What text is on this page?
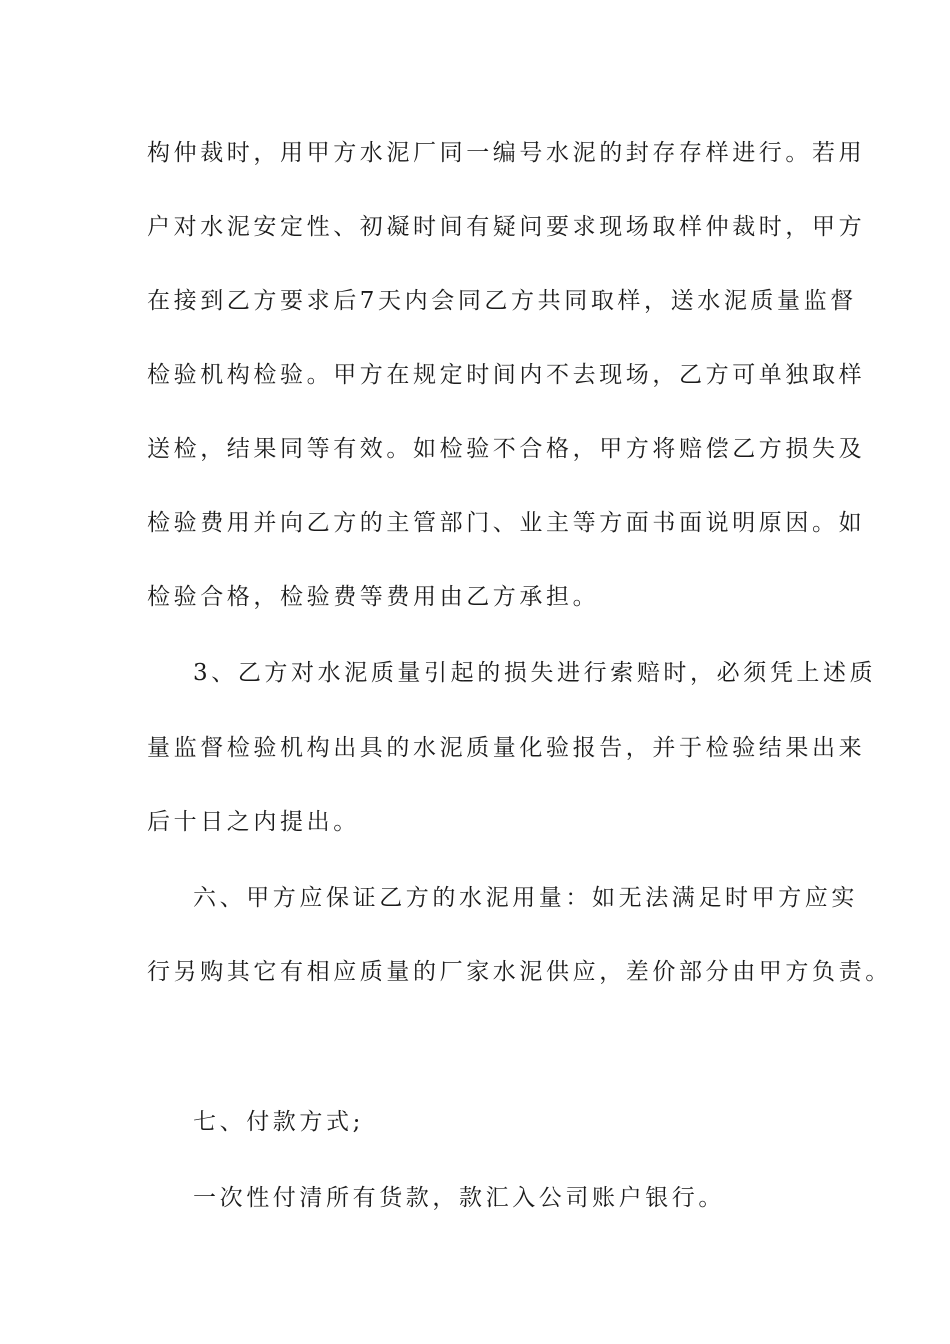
构仲裁时，用甲方水泥厂同一编号水泥的封存存样进行。若用
户对水泥安定性、初凝时间有疑问要求现场取样仲裁时，甲方
在接到乙方要求后7天内会同乙方共同取样，送水泥质量监督
检验机构检验。甲方在规定时间内不去现场，乙方可单独取样
送检，结果同等有效。如检验不合格，甲方将赔偿乙方损失及
检验费用并向乙方的主管部门、业主等方面书面说明原因。如
检验合格，检验费等费用由乙方承担。
3、乙方对水泥质量引起的损失进行索赔时，必须凭上述质
量监督检验机构出具的水泥质量化验报告，并于检验结果出来
后十日之内提出。
六、甲方应保证乙方的水泥用量：如无法满足时甲方应实
行另购其它有相应质量的厂家水泥供应，差价部分由甲方负责。
七、付款方式;
一次性付清所有货款，款汇入公司账户银行。
